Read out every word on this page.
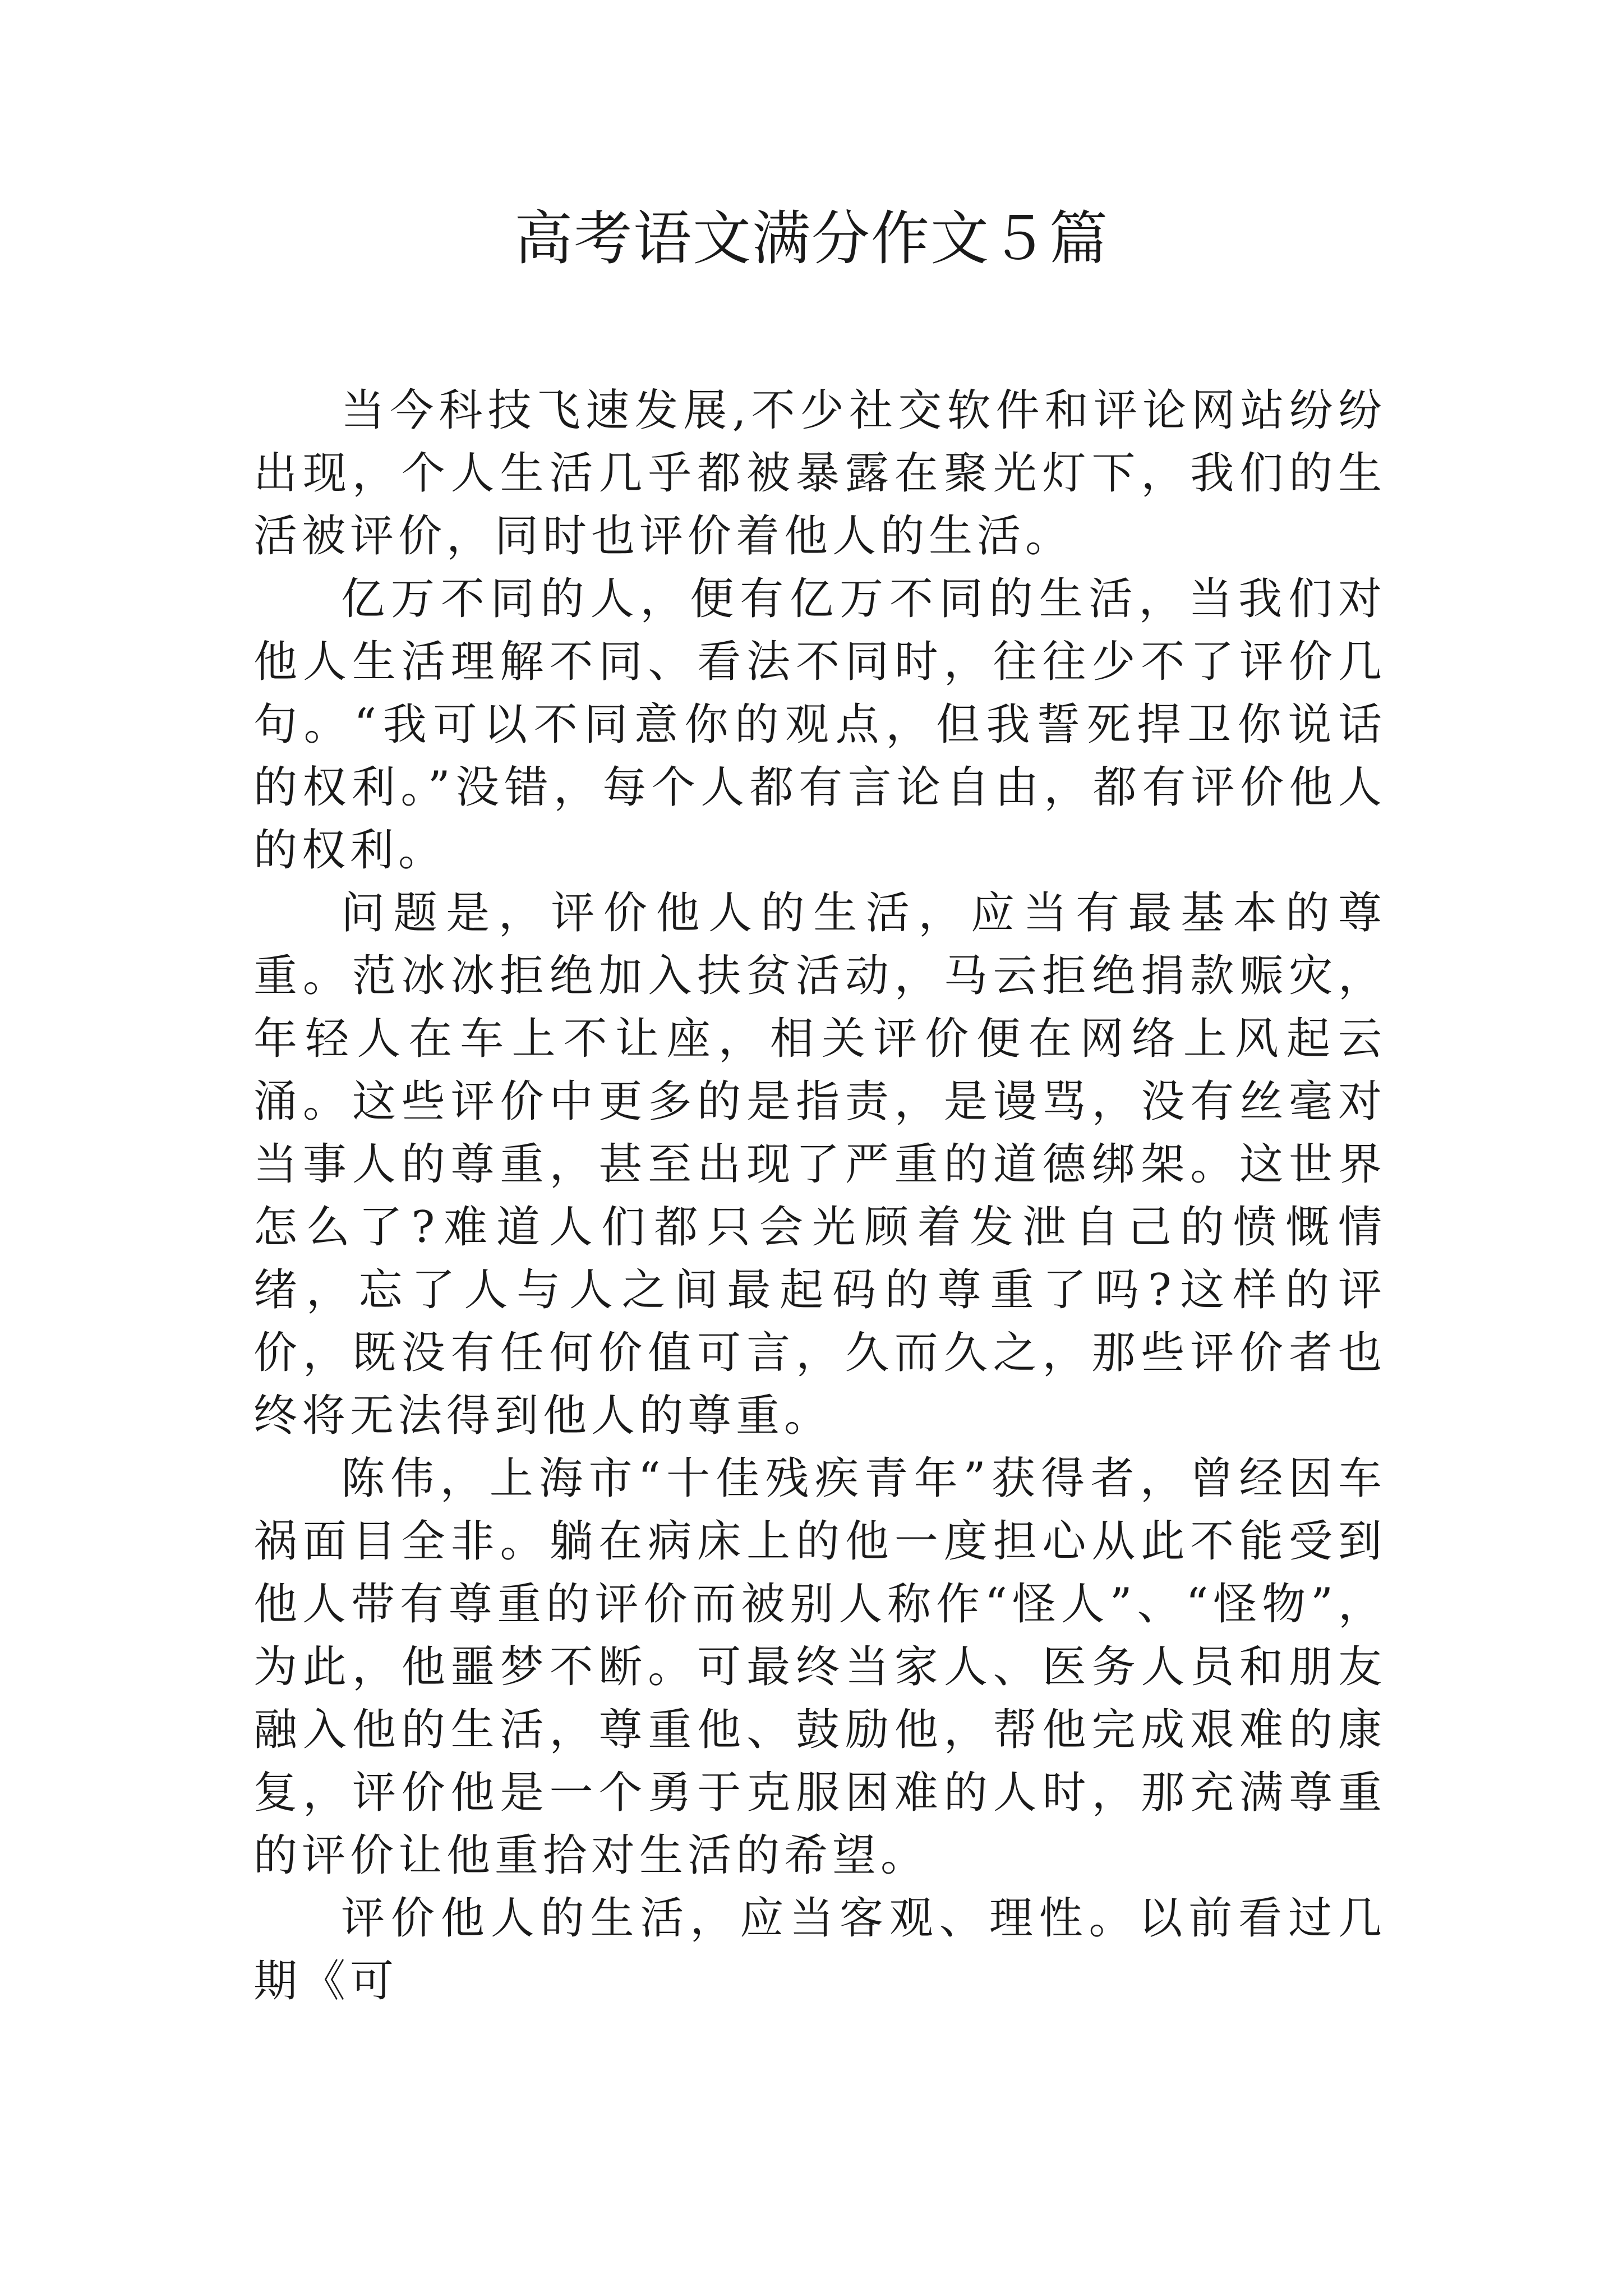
高考语文满分作文５篇

当今科技飞速发展,不少社交软件和评论网站纷纷出现，个人生活几乎都被暴露在聚光灯下，我们的生活被评价，同时也评价着他人的生活。

亿万不同的人，便有亿万不同的生活，当我们对他人生活理解不同、看法不同时，往往少不了评价几句。“我可以不同意你的观点，但我誓死捍卫你说话的权利。”没错，每个人都有言论自由，都有评价他人的权利。

问题是，评价他人的生活，应当有最基本的尊重。范冰冰拒绝加入扶贫活动，马云拒绝捐款赈灾，年轻人在车上不让座，相关评价便在网络上风起云涌。这些评价中更多的是指责，是谩骂，没有丝毫对当事人的尊重，甚至出现了严重的道德绑架。这世界怎么了?难道人们都只会光顾着发泄自己的愤慨情绪，忘了人与人之间最起码的尊重了吗?这样的评价，既没有任何价值可言，久而久之，那些评价者也终将无法得到他人的尊重。

陈伟，上海市“十佳残疾青年”获得者，曾经因车祸面目全非。躺在病床上的他一度担心从此不能受到他人带有尊重的评价而被别人称作“怪人”、“怪物”，为此，他噩梦不断。可最终当家人、医务人员和朋友融入他的生活，尊重他、鼓励他，帮他完成艰难的康复，评价他是一个勇于克服困难的人时，那充满尊重的评价让他重拾对生活的希望。

评价他人的生活，应当客观、理性。以前看过几期《可
